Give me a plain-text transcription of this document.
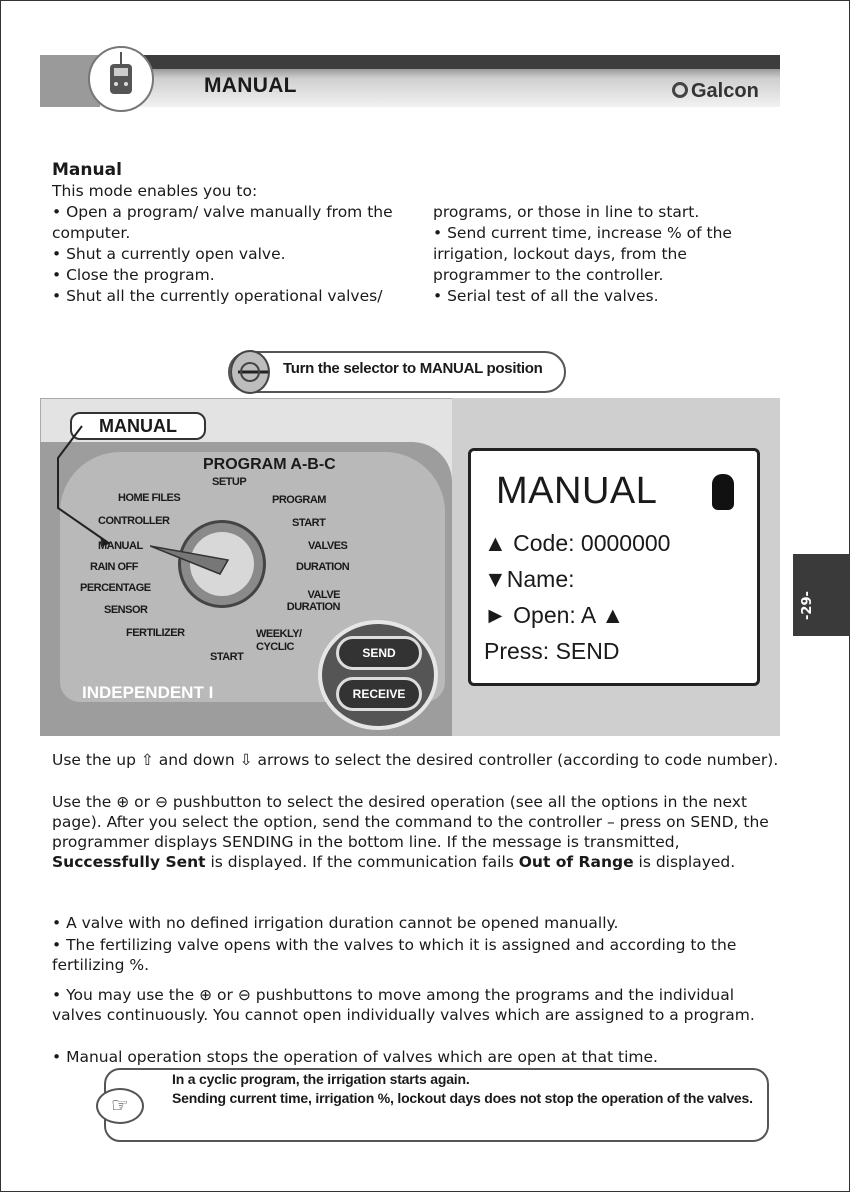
MANUAL	Galcon
Manual
This mode enables you to:

• Open a program/ valve manually from the computer.

• Shut a currently open valve.

• Close the program.

• Shut all the currently operational valves/

programs, or those in line to start.

• Send current time, increase % of the irrigation, lockout days, from the programmer to the controller.

• Serial test of all the valves.

Turn the selector to MANUAL position
MANUAL
PROGRAM A-B-C
SETUP
HOME FILES
CONTROLLER
MANUAL
RAIN OFF
PERCENTAGE
SENSOR
FERTILIZER
START
PROGRAM
START
VALVES
DURATION
VALVE DURATION
WEEKLY/ CYCLIC	SEND
RECEIVE
INDEPENDENT I
MANUAL
▲ Code: 0000000
▼Name:
► Open: A ▲
Press: SEND
-29-
Use the up ⇧ and down ⇩ arrows to select the desired controller (according to code number).
Use the ⊕ or ⊖ pushbutton to select the desired operation (see all the options in the next page). After you select the option, send the command to the controller – press on SEND, the programmer displays SENDING in the bottom line. If the message is transmitted, Successfully Sent is displayed. If the communication fails Out of Range is displayed.
• A valve with no defined irrigation duration cannot be opened manually.
• The fertilizing valve opens with the valves to which it is assigned and according to the fertilizing %.
• You may use the ⊕ or ⊖ pushbuttons to move among the programs and the individual valves continuously. You cannot open individually valves which are assigned to a program.
• Manual operation stops the operation of valves which are open at that time.
☞
In a cyclic program, the irrigation starts again.
Sending current time, irrigation %, lockout days does not stop the operation of the valves.
